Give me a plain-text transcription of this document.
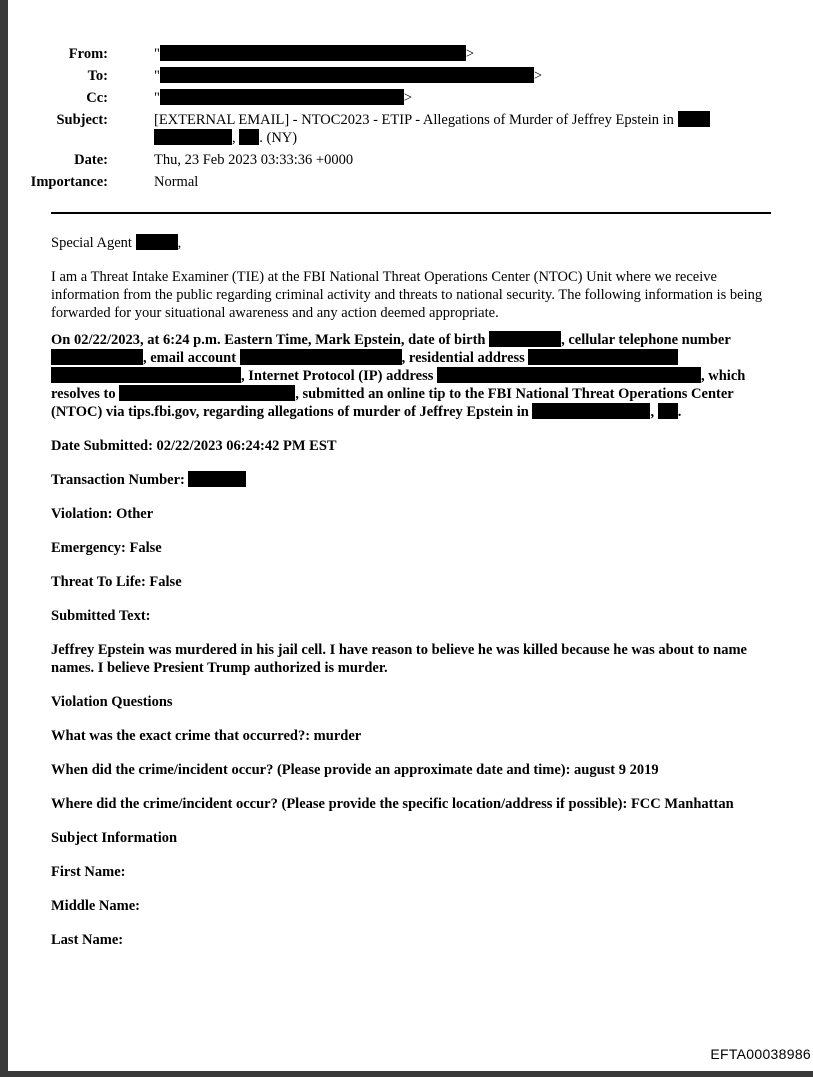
From:	"	>
To:	"	>
Cc:	"	>
Subject:	[EXTERNAL EMAIL] - NTOC2023 - ETIP - Allegations of Murder of Jeffrey Epstein in
, . (NY)
Date:	Thu, 23 Feb 2023 03:33:36 +0000
Importance:	Normal

Special Agent	,

I am a Threat Intake Examiner (TIE) at the FBI National Threat Operations Center (NTOC) Unit where we receive information from the public regarding criminal activity and threats to national security. The following information is being forwarded for your situational awareness and any action deemed appropriate.

On 02/22/2023, at 6:24 p.m. Eastern Time, Mark Epstein, date of birth	, cellular telephone number , email account	, residential address  , Internet Protocol (IP) address	, which resolves to	, submitted an online tip to the FBI National Threat Operations Center (NTOC) via tips.fbi.gov, regarding allegations of murder of Jeffrey Epstein in	, .

Date Submitted: 02/22/2023 06:24:42 PM EST

Transaction Number:

Violation: Other

Emergency: False

Threat To Life: False

Submitted Text:

Jeffrey Epstein was murdered in his jail cell. I have reason to believe he was killed because he was about to name names. I believe Presient Trump authorized is murder.

Violation Questions

What was the exact crime that occurred?: murder

When did the crime/incident occur? (Please provide an approximate date and time): august 9 2019

Where did the crime/incident occur? (Please provide the specific location/address if possible): FCC Manhattan

Subject Information

First Name:

Middle Name:

Last Name:

EFTA00038986
